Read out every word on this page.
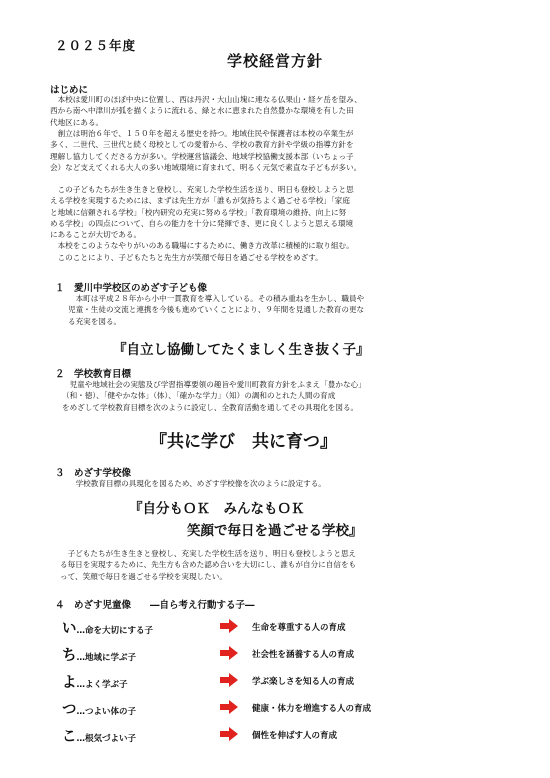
２０２５年度
学校経営方針
はじめに
　本校は愛川町のほぼ中央に位置し、西は丹沢・大山山塊に連なる仏果山・経ケ岳を望み、
西から南へ中津川が弧を描くように流れる、緑と水に恵まれた自然豊かな環境を有した田
代地区にある。
　創立は明治６年で、１５０年を超える歴史を持つ。地域住民や保護者は本校の卒業生が
多く、二世代、三世代と続く母校としての愛着から、学校の教育方針や学級の指導方針を
理解し協力してくださる方が多い。学校運営協議会、地域学校協働支援本部（いちょっ子
会）など支えてくれる大人の多い地域環境に育まれて、明るく元気で素直な子どもが多い。
　この子どもたちが生き生きと登校し、充実した学校生活を送り、明日も登校しようと思
える学校を実現するためには、まずは先生方が「誰もが気持ちよく過ごせる学校」「家庭
と地域に信頼される学校」「校内研究の充実に努める学校」「教育環境の維持、向上に努
める学校」の四点について、自らの能力を十分に発揮でき、更に良くしようと思える環境
にあることが大切である。
　本校をこのようなやりがいのある職場にするために、働き方改革に積極的に取り組む。
　このことにより、子どもたちと先生方が笑顔で毎日を過ごせる学校をめざす。
１　愛川中学校区のめざす子ども像
　本町は平成２８年から小中一貫教育を導入している。その積み重ねを生かし、職員や
児童・生徒の交流と連携を今後も進めていくことにより、９年間を見通した教育の更な
る充実を図る。
『自立し協働してたくましく生き抜く子』
２　学校教育目標
　児童や地域社会の実態及び学習指導要領の趣旨や愛川町教育方針をふまえ「豊かな心」
（和・徳）、「健やかな体」（体）、「確かな学力」（知）の調和のとれた人間の育成
をめざして学校教育目標を次のように設定し、全教育活動を通してその具現化を図る。
『共に学び　共に育つ』
３　めざす学校像
　学校教育目標の具現化を図るため、めざす学校像を次のように設定する。
『自分もＯＫ　みんなもＯＫ
笑顔で毎日を過ごせる学校』
　子どもたちが生き生きと登校し、充実した学校生活を送り、明日も登校しようと思え
る毎日を実現するために、先生方も含めた認め合いを大切にし、誰もが自分に自信をも
って、笑顔で毎日を過ごせる学校を実現したい。
４　めざす児童像　　―自ら考え行動する子―
い…命を大切にする子	生命を尊重する人の育成
ち…地域に学ぶ子	社会性を涵養する人の育成
よ…よく学ぶ子	学ぶ楽しさを知る人の育成
つ…つよい体の子	健康・体力を増進する人の育成
こ…根気づよい子	個性を伸ばす人の育成
